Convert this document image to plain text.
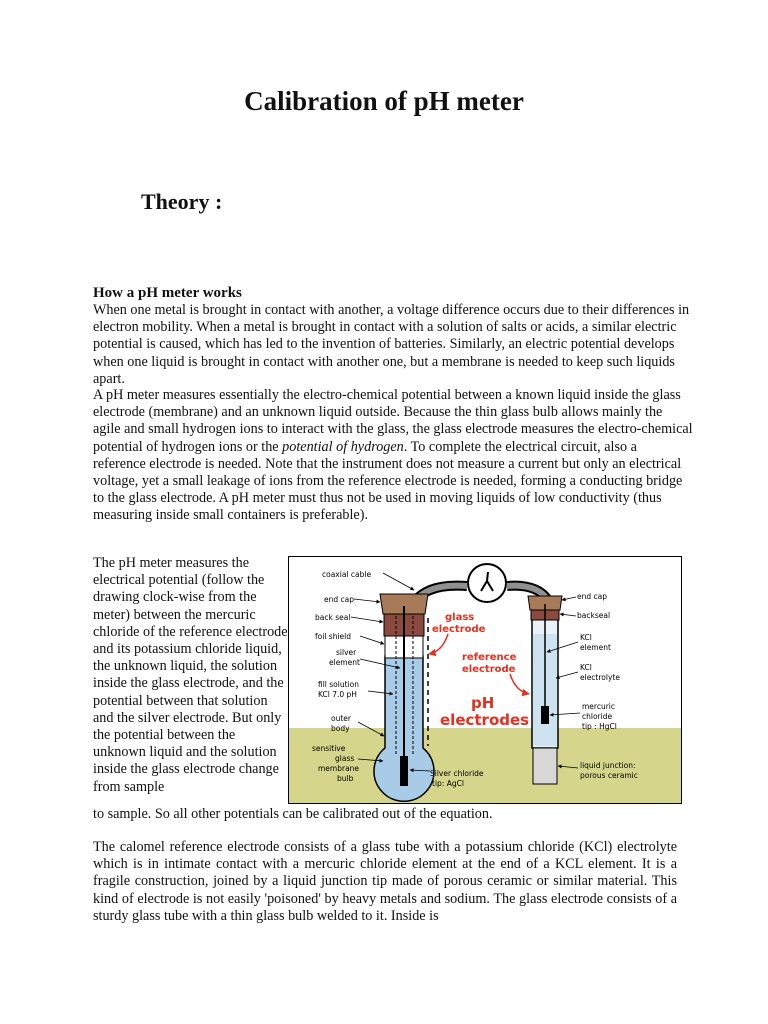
Calibration of pH meter
Theory :
How a pH meter works

When one metal is brought in contact with another, a voltage difference occurs due to their differences in electron mobility. When a metal is brought in contact with a solution of salts or acids, a similar electric potential is caused, which has led to the invention of batteries. Similarly, an electric potential develops when one liquid is brought in contact with another one, but a membrane is needed to keep such liquids apart.

A pH meter measures essentially the electro-chemical potential between a known liquid inside the glass electrode (membrane) and an unknown liquid outside. Because the thin glass bulb allows mainly the agile and small hydrogen ions to interact with the glass, the glass electrode measures the electro-chemical potential of hydrogen ions or the potential of hydrogen. To complete the electrical circuit, also a reference electrode is needed. Note that the instrument does not measure a current but only an electrical voltage, yet a small leakage of ions from the reference electrode is needed, forming a conducting bridge to the glass electrode. A pH meter must thus not be used in moving liquids of low conductivity (thus measuring inside small containers is preferable).

The pH meter measures the electrical potential (follow the drawing clock-wise from the meter) between the mercuric chloride of the reference electrode and its potassium chloride liquid, the unknown liquid, the solution inside the glass electrode, and the potential between that solution and the silver electrode. But only the potential between the unknown liquid and the solution inside the glass electrode change from sample

to sample. So all other potentials can be calibrated out of the equation.

The calomel reference electrode consists of a glass tube with a potassium chloride (KCl) electrolyte which is in intimate contact with a mercuric chloride element at the end of a KCL element. It is a fragile construction, joined by a liquid junction tip made of porous ceramic or similar material. This kind of electrode is not easily 'poisoned' by heavy metals and sodium. The glass electrode consists of a sturdy glass tube with a thin glass bulb welded to it. Inside is

coaxial cable
end cap
back seal
foil shield
silver
element
fill solution
KCl 7.0 pH
outer
body
sensitive
glass
membrane
bulb
Silver chloride
tip: AgCl
end cap
backseal
KCl
element
KCl
electrolyte
mercuric
chloride
tip : HgCl
liquid junction:
porous ceramic
glass
electrode
reference
electrode
pH
electrodes
